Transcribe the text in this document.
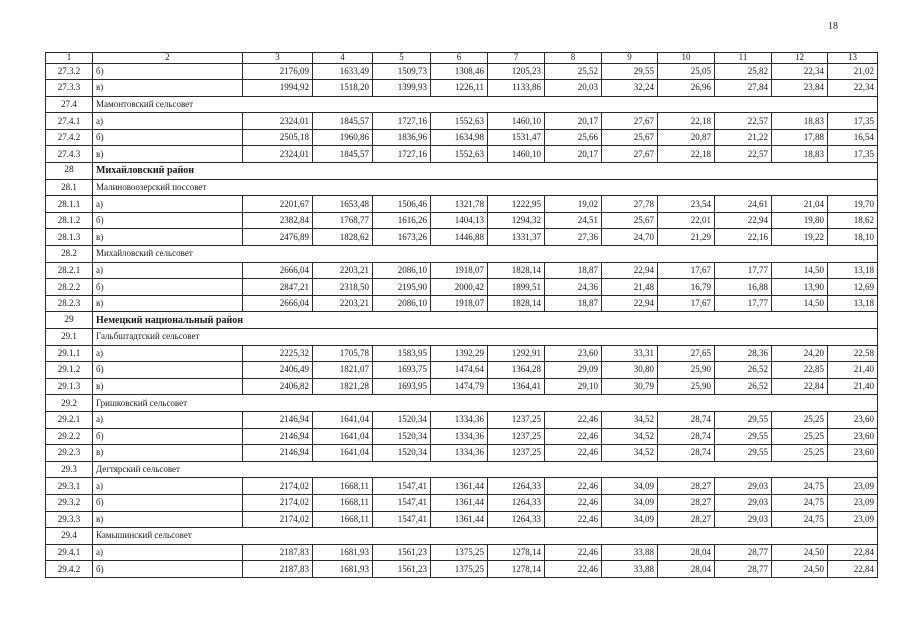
18
1	2	3	4	5	6	7	8	9	10	11	12	13
27.3.2	б)	2176,09	1633,49	1509,73	1308,46	1205,23	25,52	29,55	25,05	25,82	22,34	21,02
27.3.3	в)	1994,92	1518,20	1399,93	1226,11	1133,86	20,03	32,24	26,96	27,84	23,84	22,34
27.4	Мамонтовский сельсовет											
27.4.1	а)	2324,01	1845,57	1727,16	1552,63	1460,10	20,17	27,67	22,18	22,57	18,83	17,35
27.4.2	б)	2505,18	1960,86	1836,96	1634,98	1531,47	25,66	25,67	20,87	21,22	17,88	16,54
27.4.3	в)	2324,01	1845,57	1727,16	1552,63	1460,10	20,17	27,67	22,18	22,57	18,83	17,35
28	Михайловский район											
28.1	Малиновоозерский поссовет											
28.1.1	а)	2201,67	1653,48	1506,46	1321,78	1222,95	19,02	27,78	23,54	24,61	21,04	19,70
28.1.2	б)	2382,84	1768,77	1616,26	1404,13	1294,32	24,51	25,67	22,01	22,94	19,80	18,62
28.1.3	в)	2476,89	1828,62	1673,26	1446,88	1331,37	27,36	24,70	21,29	22,16	19,22	18,10
28.2	Михайловский сельсовет											
28.2.1	а)	2666,04	2203,21	2086,10	1918,07	1828,14	18,87	22,94	17,67	17,77	14,50	13,18
28.2.2	б)	2847,21	2318,50	2195,90	2000,42	1899,51	24,36	21,48	16,79	16,88	13,90	12,69
28.2.3	в)	2666,04	2203,21	2086,10	1918,07	1828,14	18,87	22,94	17,67	17,77	14,50	13,18
29	Немецкий национальный район											
29.1	Гальбштадтский сельсовет											
29.1.1	а)	2225,32	1705,78	1583,95	1392,29	1292,91	23,60	33,31	27,65	28,36	24,20	22,58
29.1.2	б)	2406,49	1821,07	1693,75	1474,64	1364,28	29,09	30,80	25,90	26,52	22,85	21,40
29.1.3	в)	2406,82	1821,28	1693,95	1474,79	1364,41	29,10	30,79	25,90	26,52	22,84	21,40
29.2	Гришковский сельсовет											
29.2.1	а)	2146,94	1641,04	1520,34	1334,36	1237,25	22,46	34,52	28,74	29,55	25,25	23,60
29.2.2	б)	2146,94	1641,04	1520,34	1334,36	1237,25	22,46	34,52	28,74	29,55	25,25	23,60
29.2.3	в)	2146,94	1641,04	1520,34	1334,36	1237,25	22,46	34,52	28,74	29,55	25,25	23,60
29.3	Дегтярский сельсовет											
29.3.1	а)	2174,02	1668,11	1547,41	1361,44	1264,33	22,46	34,09	28,27	29,03	24,75	23,09
29.3.2	б)	2174,02	1668,11	1547,41	1361,44	1264,33	22,46	34,09	28,27	29,03	24,75	23,09
29.3.3	в)	2174,02	1668,11	1547,41	1361,44	1264,33	22,46	34,09	28,27	29,03	24,75	23,09
29.4	Камышинский сельсовет											
29.4.1	а)	2187,83	1681,93	1561,23	1375,25	1278,14	22,46	33,88	28,04	28,77	24,50	22,84
29.4.2	б)	2187,83	1681,93	1561,23	1375,25	1278,14	22,46	33,88	28,04	28,77	24,50	22,84
